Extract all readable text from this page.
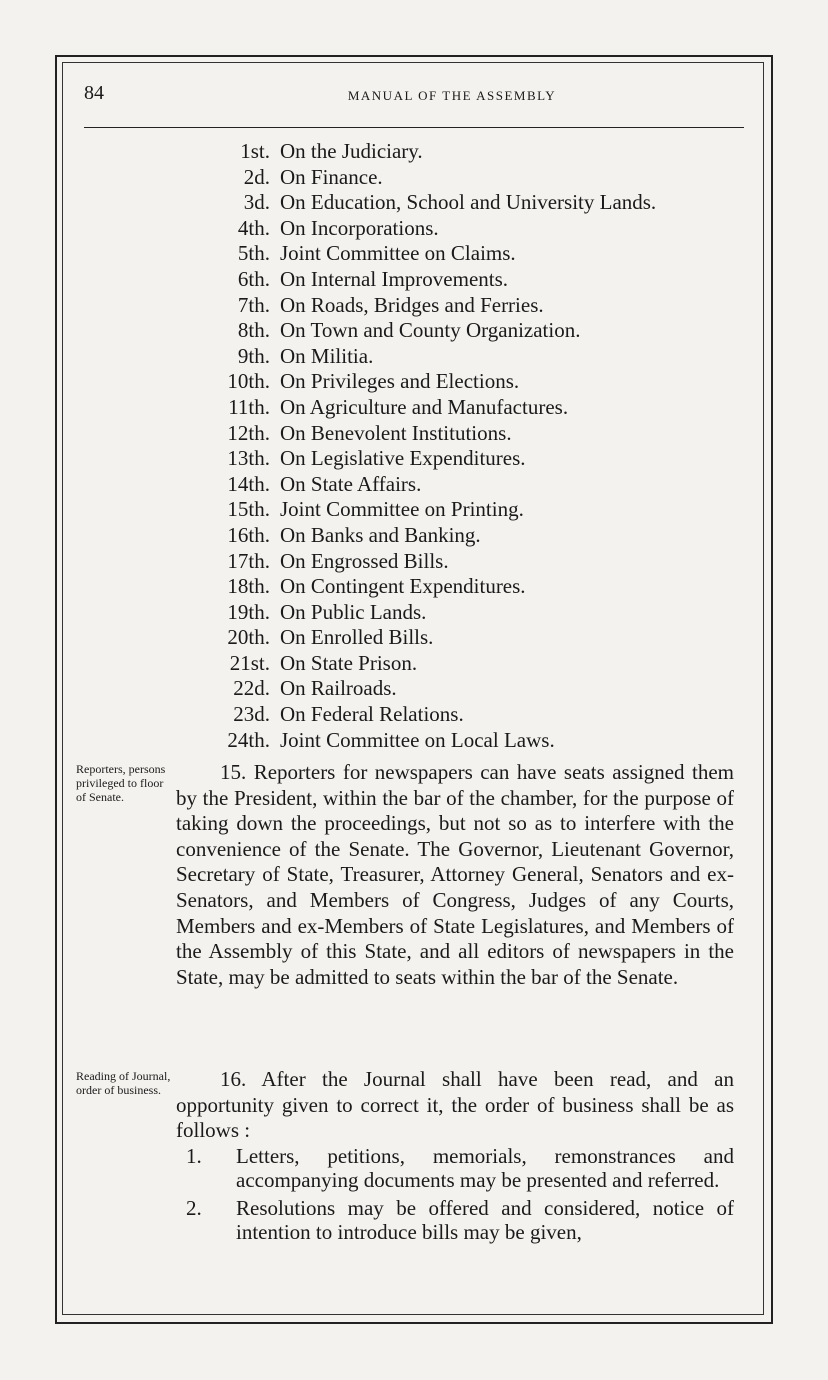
84	MANUAL OF THE ASSEMBLY
1st. On the Judiciary.
2d. On Finance.
3d. On Education, School and University Lands.
4th. On Incorporations.
5th. Joint Committee on Claims.
6th. On Internal Improvements.
7th. On Roads, Bridges and Ferries.
8th. On Town and County Organization.
9th. On Militia.
10th. On Privileges and Elections.
11th. On Agriculture and Manufactures.
12th. On Benevolent Institutions.
13th. On Legislative Expenditures.
14th. On State Affairs.
15th. Joint Committee on Printing.
16th. On Banks and Banking.
17th. On Engrossed Bills.
18th. On Contingent Expenditures.
19th. On Public Lands.
20th. On Enrolled Bills.
21st. On State Prison.
22d. On Railroads.
23d. On Federal Relations.
24th. Joint Committee on Local Laws.
Reporters, persons privileged to floor of Senate.

15. Reporters for newspapers can have seats assigned them by the President, within the bar of the chamber, for the purpose of taking down the proceedings, but not so as to interfere with the convenience of the Senate. The Governor, Lieutenant Governor, Secretary of State, Treasurer, Attorney General, Senators and ex-Senators, and Members of Congress, Judges of any Courts, Members and ex-Members of State Legislatures, and Members of the Assembly of this State, and all editors of newspapers in the State, may be admitted to seats within the bar of the Senate.

Reading of Journal, order of business.	16. After the Journal shall have been read, and an opportunity given to correct it, the order of business shall be as follows :

1. Letters, petitions, memorials, remonstrances and accompanying documents may be presented and referred.
2. Resolutions may be offered and considered, notice of intention to introduce bills may be given,
